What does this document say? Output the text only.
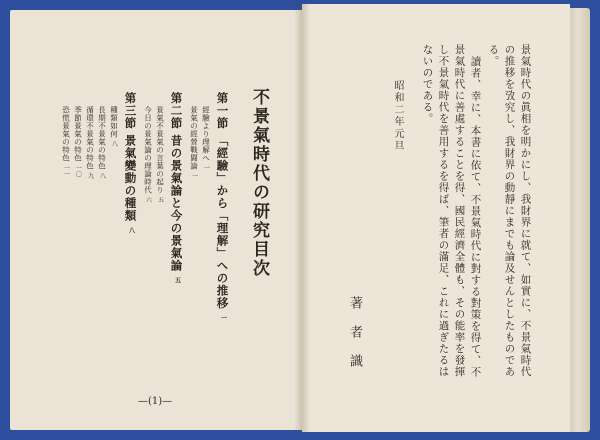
不景氣時代の研究目次
第一節 「經驗」から「理解」への推移 一
經驗より理解へ 一
景氣の經營戰闘論 一
第二節 昔の景氣論と今の景氣論 五
景氣不景氣の言葉の起り 五
今日の景氣論の理論時代 六
第三節 景氣變動の種類 八
種類如何 八
長期不景氣の特色 八
循環不景氣の特色 九
季節景氣の特色 一〇
恐慌景氣の特色 一一
—(1)—
景氣時代の眞相を明かにし、我財界に就て、如實に、不景氣時代
の推移を攷究し、我財界の動靜にまでも論及せんとしたものであ
る。
讀者、幸に、本書に依て、不景氣時代に對する對策を得て、不
景氣時代に善處することを得、國民經濟全體も、その能率を發揮
し不景氣時代を善用するを得ば、筆者の滿足、これに過ぎたるは
ないのである。
昭和二年元旦
著者識
